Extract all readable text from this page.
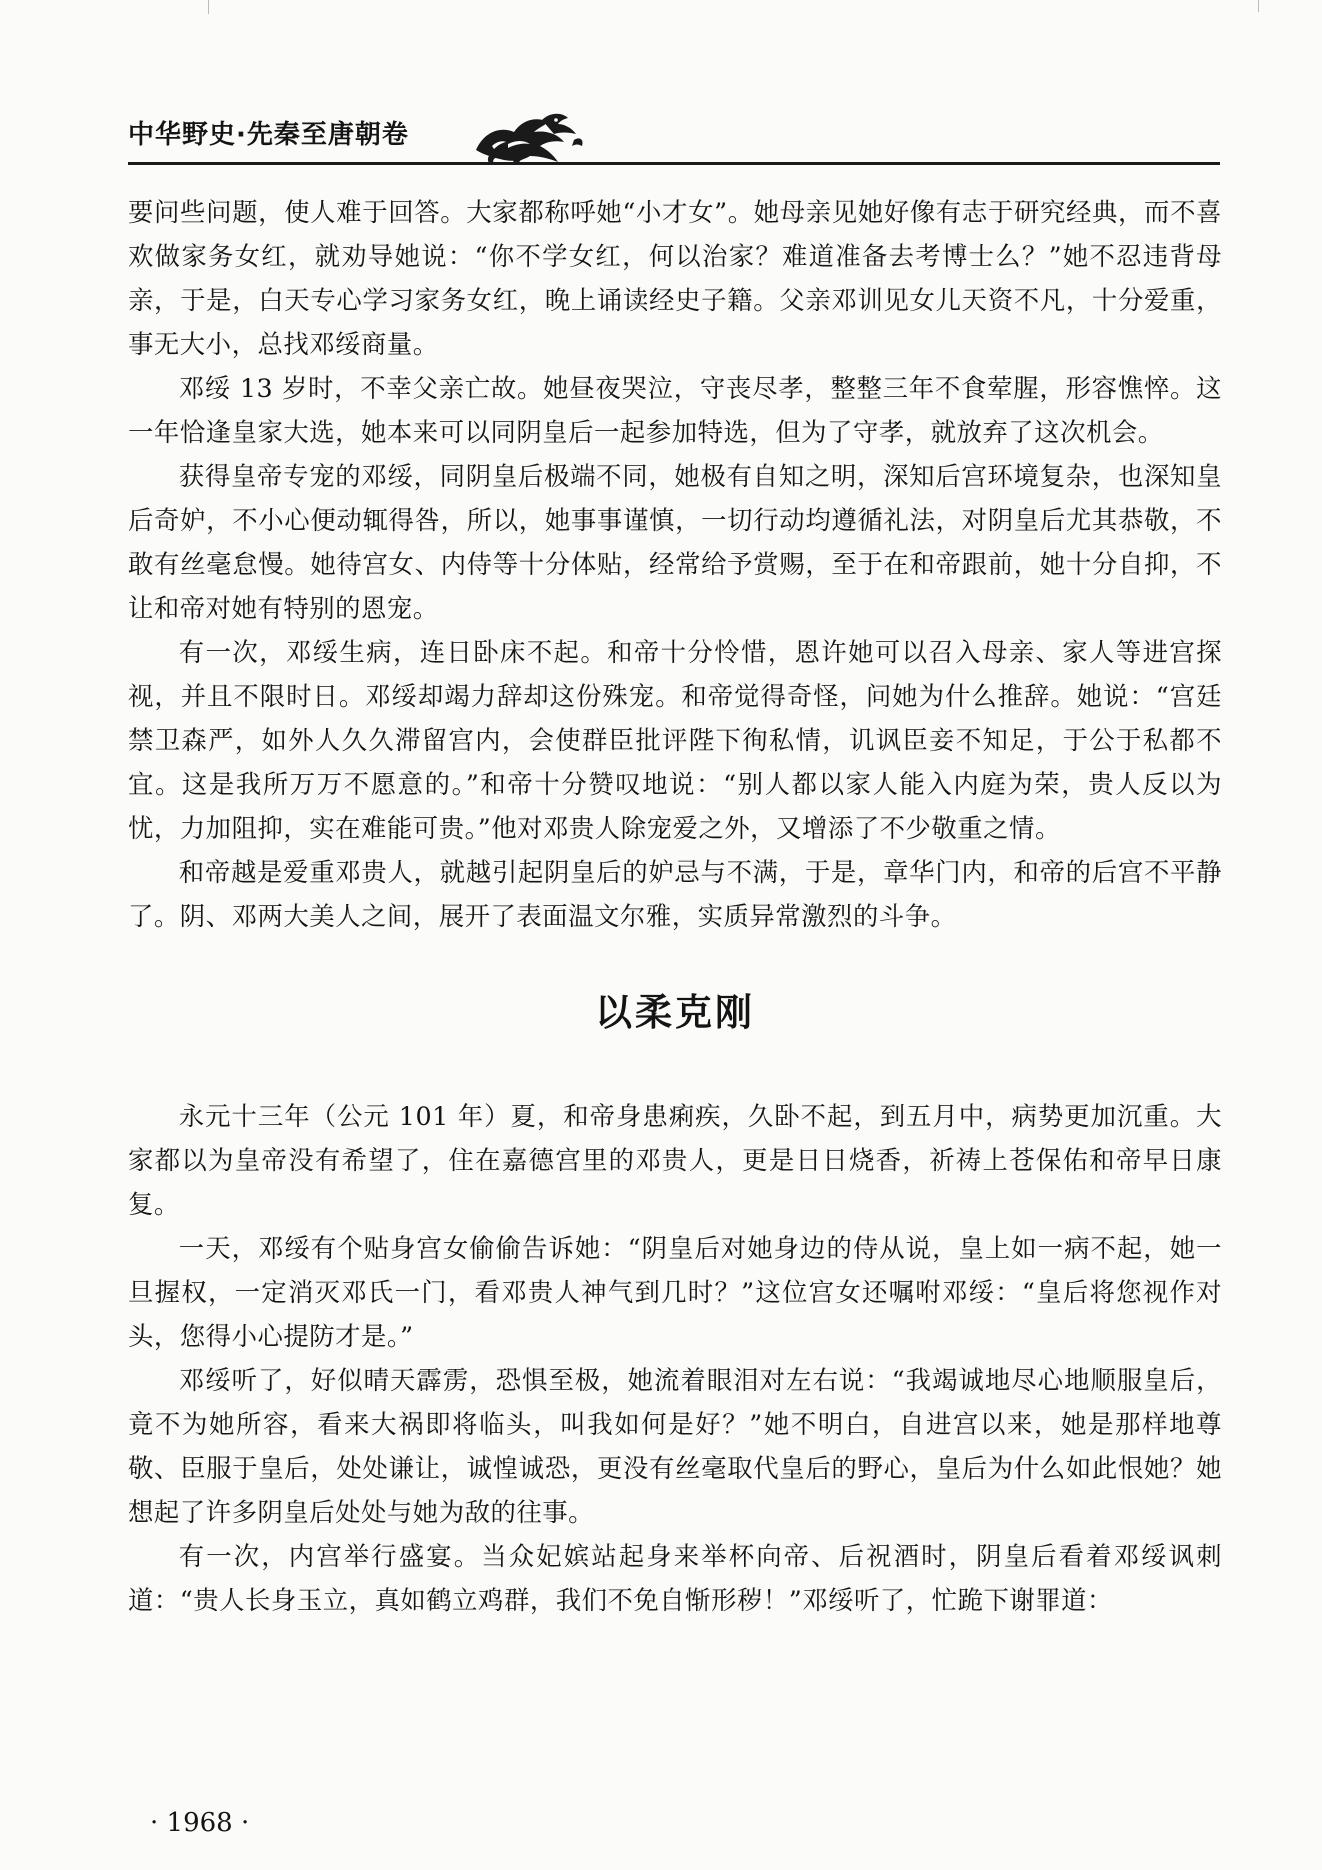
中华野史·先秦至唐朝卷

要问些问题，使人难于回答。大家都称呼她“小才女”。她母亲见她好像有志于研究经典，而不喜欢做家务女红，就劝导她说：“你不学女红，何以治家？难道准备去考博士么？”她不忍违背母亲，于是，白天专心学习家务女红，晚上诵读经史子籍。父亲邓训见女儿天资不凡，十分爱重，事无大小，总找邓绥商量。

邓绥 13 岁时，不幸父亲亡故。她昼夜哭泣，守丧尽孝，整整三年不食荤腥，形容憔悴。这一年恰逢皇家大选，她本来可以同阴皇后一起参加特选，但为了守孝，就放弃了这次机会。

获得皇帝专宠的邓绥，同阴皇后极端不同，她极有自知之明，深知后宫环境复杂，也深知皇后奇妒，不小心便动辄得咎，所以，她事事谨慎，一切行动均遵循礼法，对阴皇后尤其恭敬，不敢有丝毫怠慢。她待宫女、内侍等十分体贴，经常给予赏赐，至于在和帝跟前，她十分自抑，不让和帝对她有特别的恩宠。

有一次，邓绥生病，连日卧床不起。和帝十分怜惜，恩许她可以召入母亲、家人等进宫探视，并且不限时日。邓绥却竭力辞却这份殊宠。和帝觉得奇怪，问她为什么推辞。她说：“宫廷禁卫森严，如外人久久滞留宫内，会使群臣批评陛下徇私情，讥讽臣妾不知足，于公于私都不宜。这是我所万万不愿意的。”和帝十分赞叹地说：“别人都以家人能入内庭为荣，贵人反以为忧，力加阻抑，实在难能可贵。”他对邓贵人除宠爱之外，又增添了不少敬重之情。

和帝越是爱重邓贵人，就越引起阴皇后的妒忌与不满，于是，章华门内，和帝的后宫不平静了。阴、邓两大美人之间，展开了表面温文尔雅，实质异常激烈的斗争。

以柔克刚

永元十三年（公元 101 年）夏，和帝身患痢疾，久卧不起，到五月中，病势更加沉重。大家都以为皇帝没有希望了，住在嘉德宫里的邓贵人，更是日日烧香，祈祷上苍保佑和帝早日康复。

一天，邓绥有个贴身宫女偷偷告诉她：“阴皇后对她身边的侍从说，皇上如一病不起，她一旦握权，一定消灭邓氏一门，看邓贵人神气到几时？”这位宫女还嘱咐邓绥：“皇后将您视作对头，您得小心提防才是。”

邓绥听了，好似晴天霹雳，恐惧至极，她流着眼泪对左右说：“我竭诚地尽心地顺服皇后，竟不为她所容，看来大祸即将临头，叫我如何是好？”她不明白，自进宫以来，她是那样地尊敬、臣服于皇后，处处谦让，诚惶诚恐，更没有丝毫取代皇后的野心，皇后为什么如此恨她？她想起了许多阴皇后处处与她为敌的往事。

有一次，内宫举行盛宴。当众妃嫔站起身来举杯向帝、后祝酒时，阴皇后看着邓绥讽刺道：“贵人长身玉立，真如鹤立鸡群，我们不免自惭形秽！”邓绥听了，忙跪下谢罪道：

· 1968 ·
